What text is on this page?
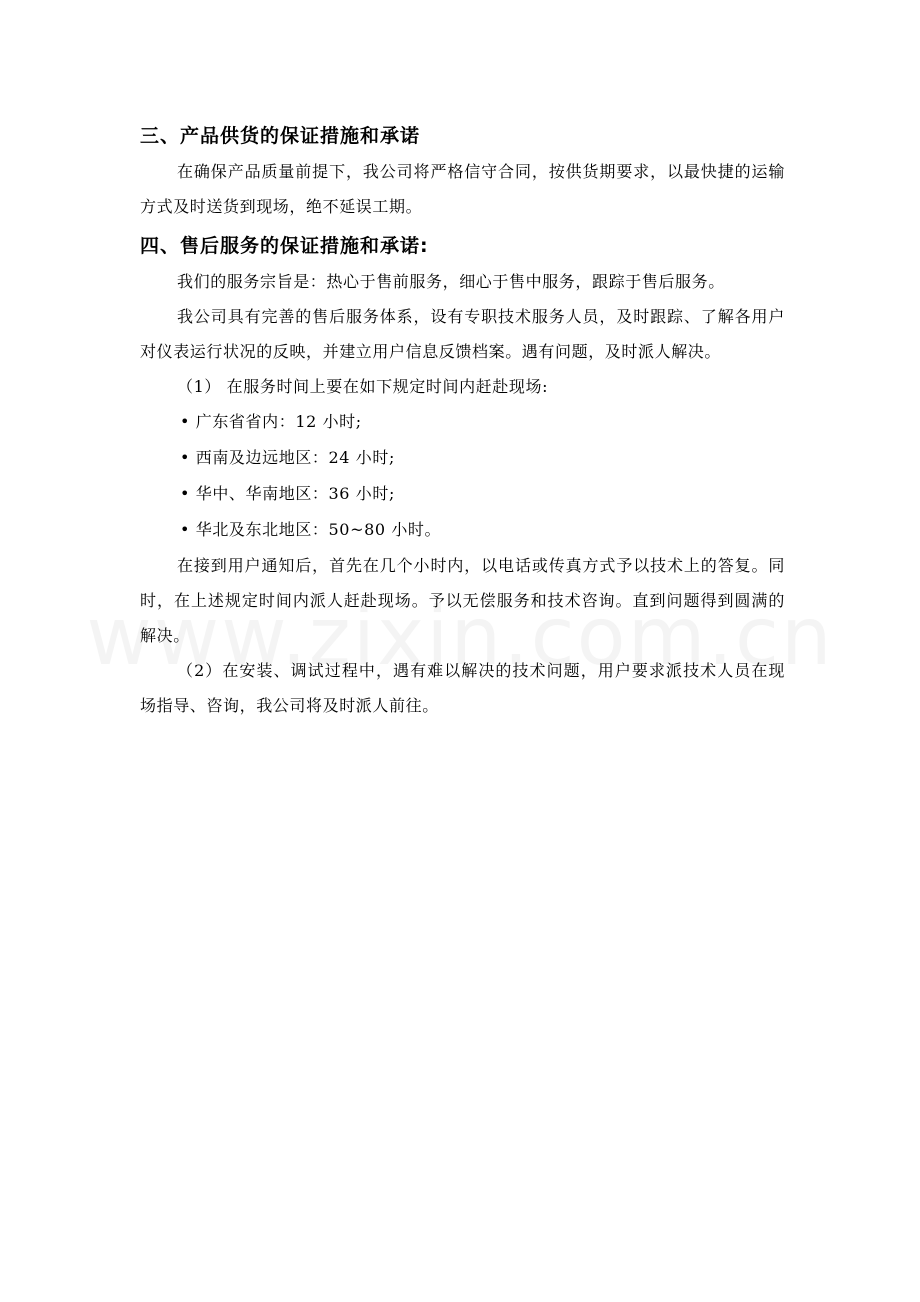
三、产品供货的保证措施和承诺

在确保产品质量前提下，我公司将严格信守合同，按供货期要求，以最快捷的运输方式及时送货到现场，绝不延误工期。

四、售后服务的保证措施和承诺:

我们的服务宗旨是：热心于售前服务，细心于售中服务，跟踪于售后服务。

我公司具有完善的售后服务体系，设有专职技术服务人员，及时跟踪、了解各用户对仪表运行状况的反映，并建立用户信息反馈档案。遇有问题，及时派人解决。

（1） 在服务时间上要在如下规定时间内赶赴现场:

• 广东省省内：12 小时;

• 西南及边远地区：24 小时;

• 华中、华南地区：36 小时;

• 华北及东北地区：50~80 小时。

在接到用户通知后，首先在几个小时内，以电话或传真方式予以技术上的答复。同时，在上述规定时间内派人赶赴现场。予以无偿服务和技术咨询。直到问题得到圆满的解决。

（2）在安装、调试过程中，遇有难以解决的技术问题，用户要求派技术人员在现场指导、咨询，我公司将及时派人前往。
